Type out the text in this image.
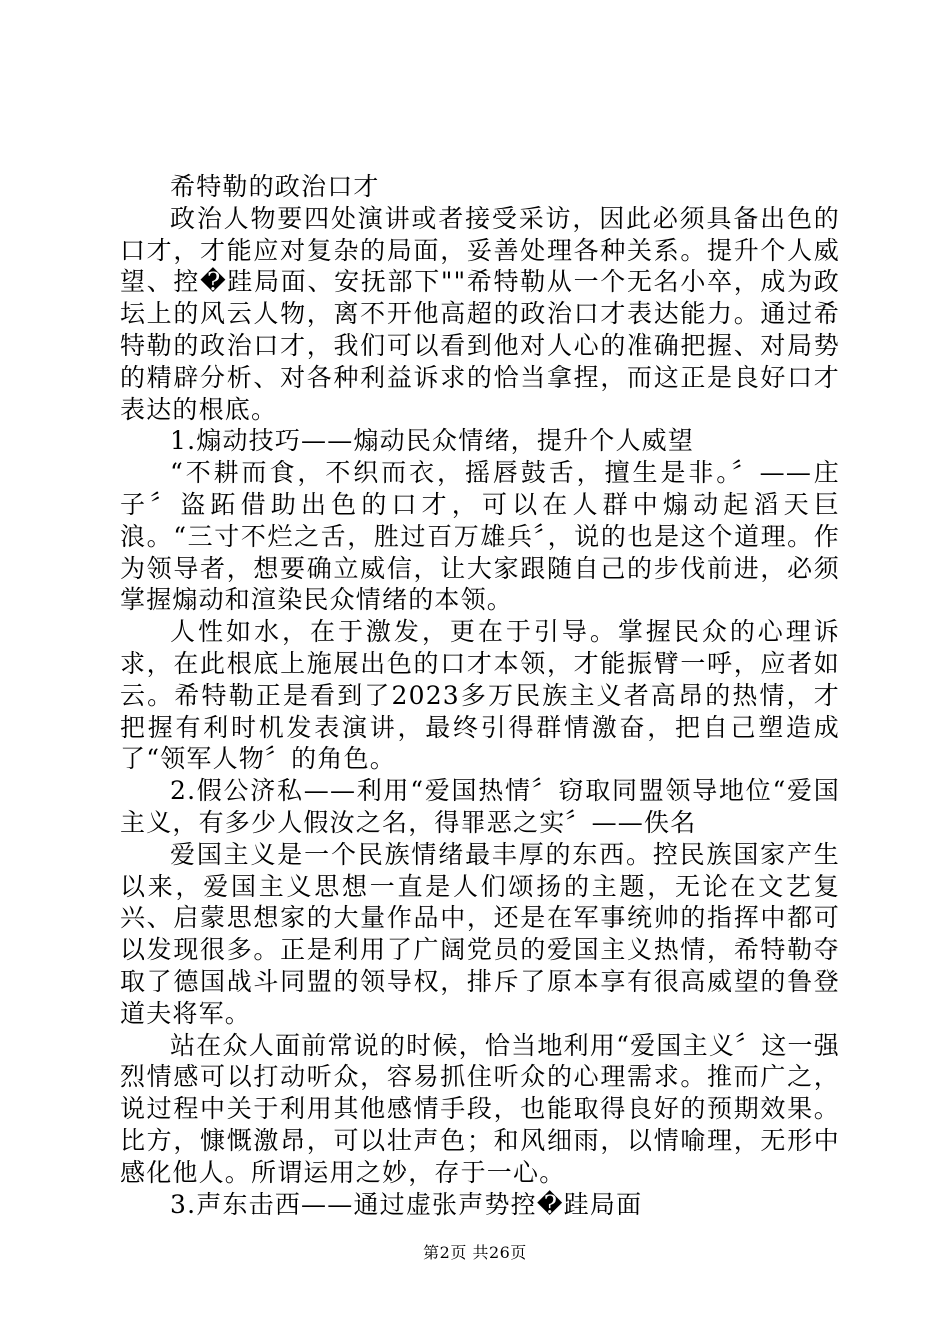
希特勒的政治口才

政治人物要四处演讲或者接受采访，因此必须具备出色的口才，才能应对复杂的局面，妥善处理各种关系。提升个人威望、控�跬局面、安抚部下""希特勒从一个无名小卒，成为政坛上的风云人物，离不开他高超的政治口才表达能力。通过希特勒的政治口才，我们可以看到他对人心的准确把握、对局势的精辟分析、对各种利益诉求的恰当拿捏，而这正是良好口才表达的根底。

1.煽动技巧——煽动民众情绪，提升个人威望

“不耕而食，不织而衣，摇唇鼓舌，擅生是非。〞——庄子〞盗跖借助出色的口才，可以在人群中煽动起滔天巨浪。“三寸不烂之舌，胜过百万雄兵〞，说的也是这个道理。作为领导者，想要确立威信，让大家跟随自己的步伐前进，必须掌握煽动和渲染民众情绪的本领。

人性如水，在于激发，更在于引导。掌握民众的心理诉求，在此根底上施展出色的口才本领，才能振臂一呼，应者如云。希特勒正是看到了2023多万民族主义者高昂的热情，才把握有利时机发表演讲，最终引得群情激奋，把自己塑造成了“领军人物〞的角色。

2.假公济私——利用“爱国热情〞窃取同盟领导地位“爱国主义，有多少人假汝之名，得罪恶之实〞——佚名

爱国主义是一个民族情绪最丰厚的东西。控民族国家产生以来，爱国主义思想一直是人们颂扬的主题，无论在文艺复兴、启蒙思想家的大量作品中，还是在军事统帅的指挥中都可以发现很多。正是利用了广阔党员的爱国主义热情，希特勒夺取了德国战斗同盟的领导权，排斥了原本享有很高威望的鲁登道夫将军。

站在众人面前常说的时候，恰当地利用“爱国主义〞这一强烈情感可以打动听众，容易抓住听众的心理需求。推而广之，说过程中关于利用其他感情手段，也能取得良好的预期效果。比方，慷慨激昂，可以壮声色；和风细雨，以情喻理，无形中感化他人。所谓运用之妙，存于一心。

3.声东击西——通过虚张声势控�跬局面

第2页 共26页
